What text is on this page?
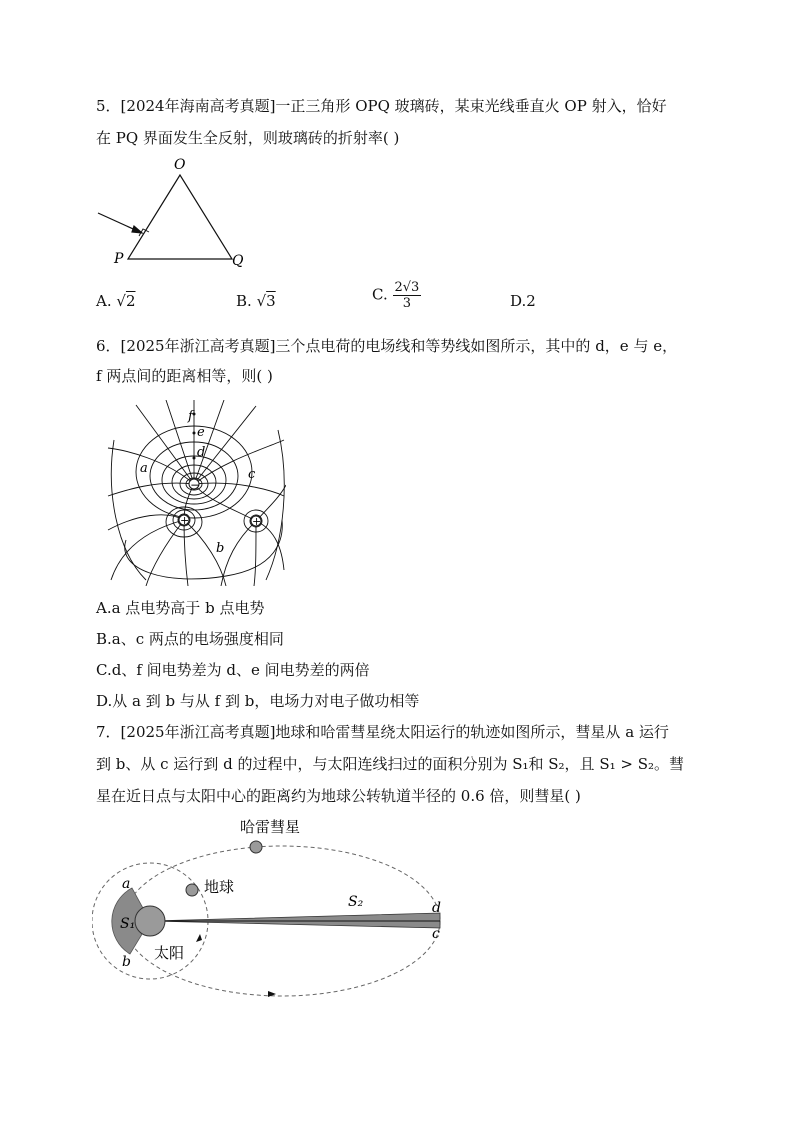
5．[2024年海南高考真题]一正三角形 OPQ 玻璃砖，某束光线垂直火 OP 射入，恰好
在 PQ 界面发生全反射，则玻璃砖的折射率( )
O
P	Q
A. √2	B. √3	C. $\frac{2√3}{3}$	D.2
6．[2025年浙江高考真题]三个点电荷的电场线和等势线如图所示，其中的 d，e 与 e，
f 两点间的距离相等，则( )
−
+	+
d
e
f
a	c
b
A.a 点电势高于 b 点电势
B.a、c 两点的电场强度相同
C.d、f 间电势差为 d、e 间电势差的两倍
D.从 a 到 b 与从 f 到 b，电场力对电子做功相等
7．[2025年浙江高考真题]地球和哈雷彗星绕太阳运行的轨迹如图所示，彗星从 a 运行
到 b、从 c 运行到 d 的过程中，与太阳连线扫过的面积分别为 S₁和 S₂，且 S₁ > S₂。彗
星在近日点与太阳中心的距离约为地球公转轨道半径的 0.6 倍，则彗星( )
哈雷彗星
地球
太阳
a
b
d
c
S₁
S₂
